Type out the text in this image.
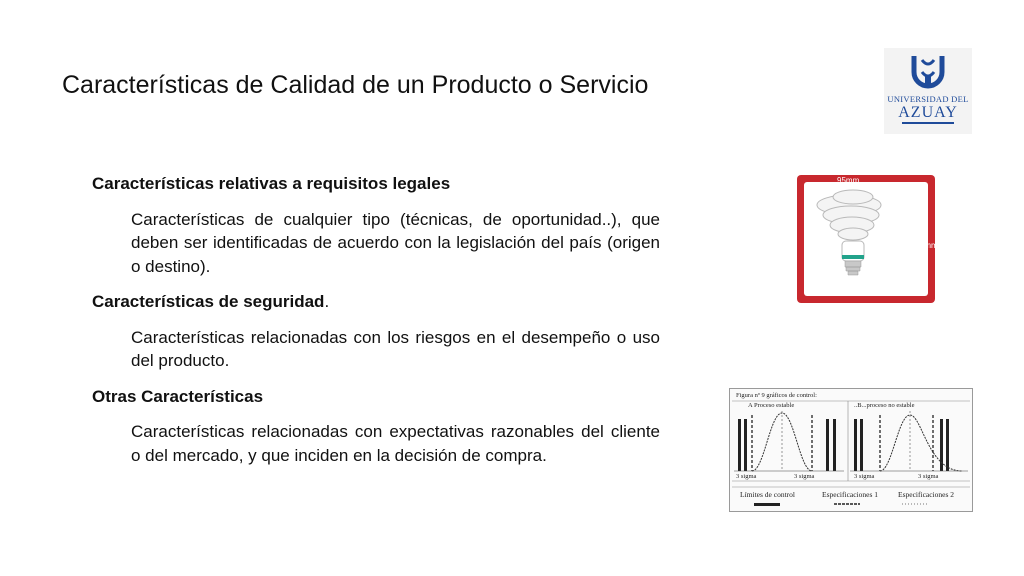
Características de Calidad de un Producto o Servicio	UNIVERSIDAD DEL
AZUAY

Características relativas a requisitos legales

Características de cualquier tipo (técnicas, de oportunidad..), que deben ser identificadas de acuerdo con la legislación del país (origen o destino).

Características de seguridad.

Características relacionadas con los riesgos en el desempeño o uso del producto.

Otras Características

Características relacionadas con expectativas razonables del cliente o del mercado, y que inciden en la decisión de compra.

95mm
175mm
Item NO:D1
26W
Figura nº 9 gráficos de control:
A Proceso estable	..B...proceso no estable
3 sigma	3 sigma	3 sigma	3 sigma
Límites de control	Especificaciones 1	Especificaciones 2
